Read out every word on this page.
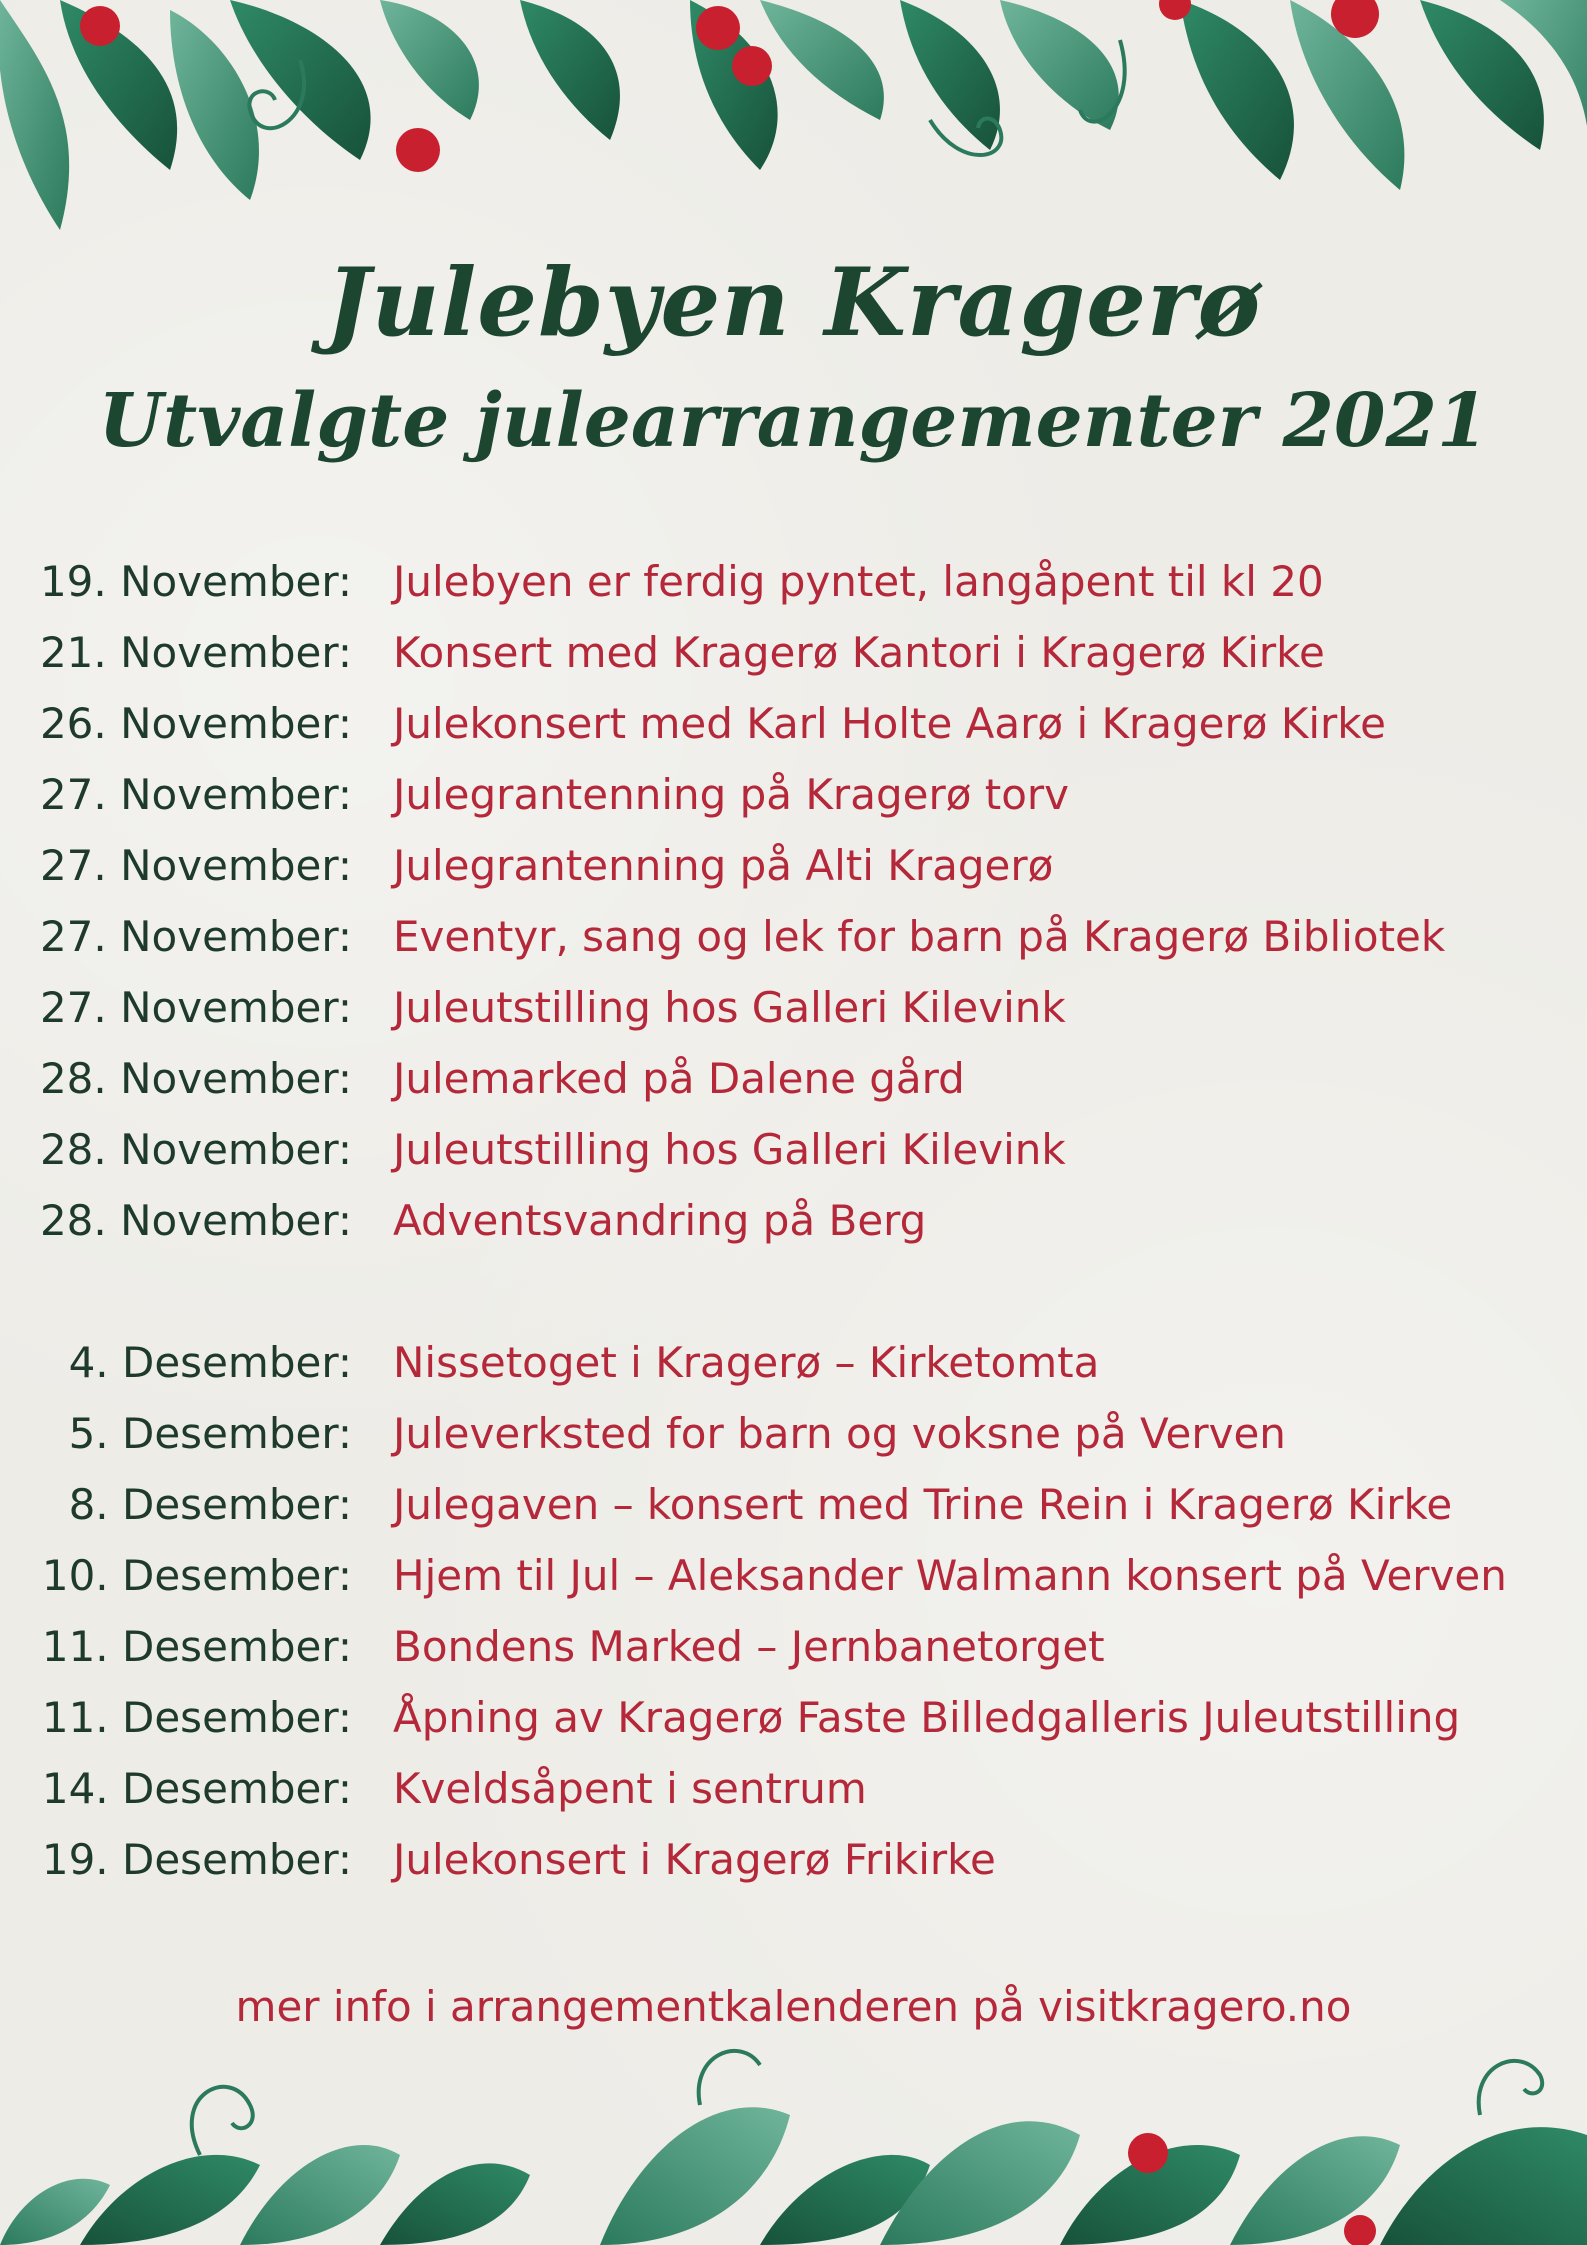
Julebyen Kragerø
Utvalgte julearrangementer 2021
19. November: Julebyen er ferdig pyntet, langåpent til kl 20
21. November: Konsert med Kragerø Kantori i Kragerø Kirke
26. November: Julekonsert med Karl Holte Aarø i Kragerø Kirke
27. November: Julegrantenning på Kragerø torv
27. November: Julegrantenning på Alti Kragerø
27. November: Eventyr, sang og lek for barn på Kragerø Bibliotek
27. November: Juleutstilling hos Galleri Kilevink
28. November: Julemarked på Dalene gård
28. November: Juleutstilling hos Galleri Kilevink
28. November: Adventsvandring på Berg
4. Desember: Nissetoget i Kragerø – Kirketomta
5. Desember: Juleverksted for barn og voksne på Verven
8. Desember: Julegaven – konsert med Trine Rein i Kragerø Kirke
10. Desember: Hjem til Jul – Aleksander Walmann konsert på Verven
11. Desember: Bondens Marked – Jernbanetorget
11. Desember: Åpning av Kragerø Faste Billedgalleris Juleutstilling
14. Desember: Kveldsåpent i sentrum
19. Desember: Julekonsert i Kragerø Frikirke
mer info i arrangementkalenderen på visitkragero.no
